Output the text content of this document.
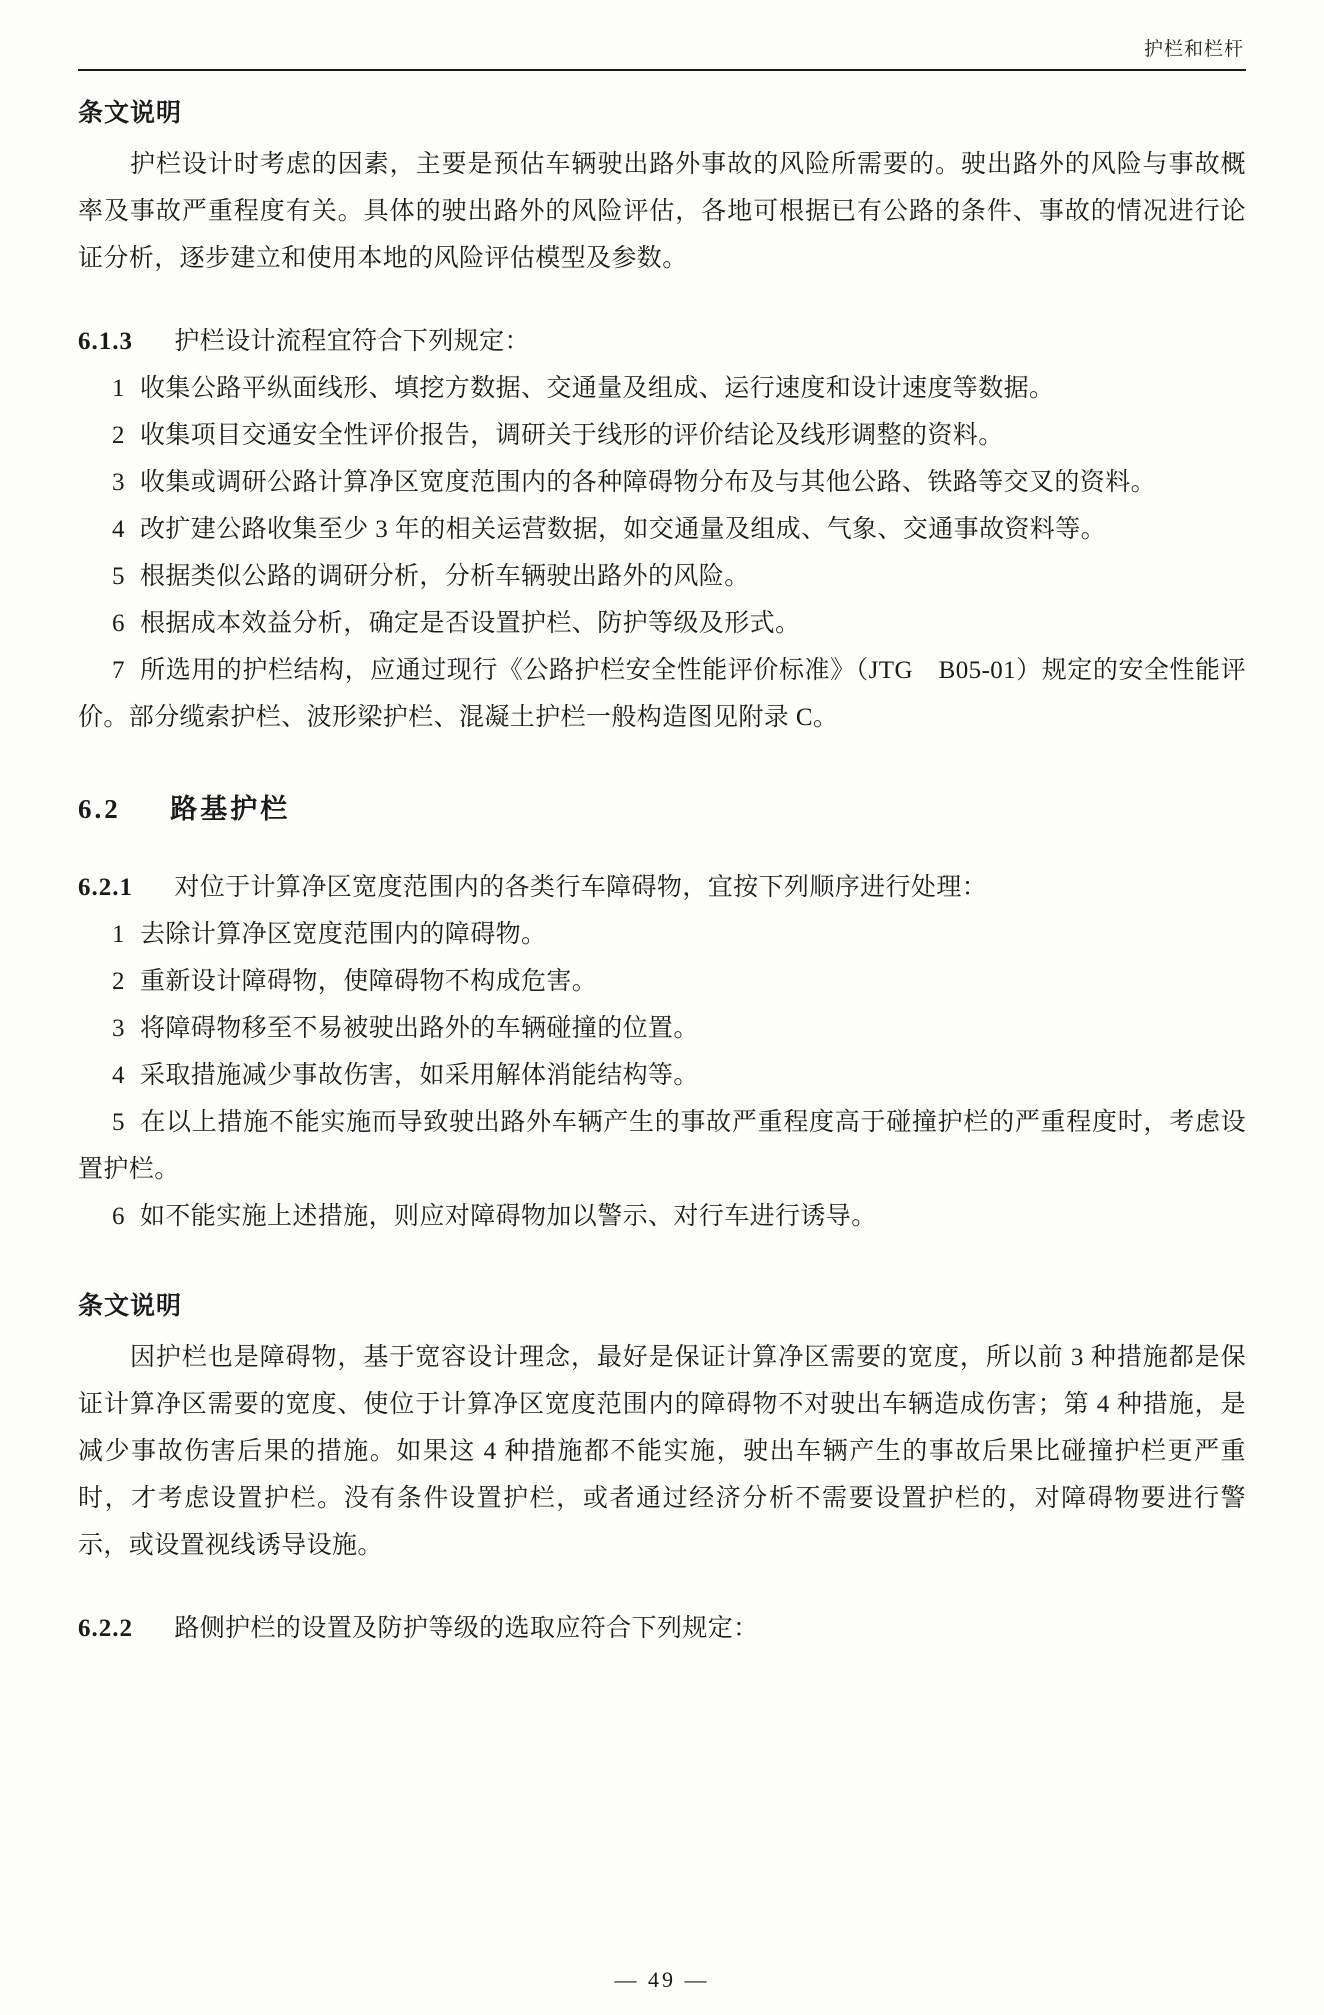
护栏和栏杆
条文说明

护栏设计时考虑的因素，主要是预估车辆驶出路外事故的风险所需要的。驶出路外的风险与事故概率及事故严重程度有关。具体的驶出路外的风险评估，各地可根据已有公路的条件、事故的情况进行论证分析，逐步建立和使用本地的风险评估模型及参数。

6.1.3 护栏设计流程宜符合下列规定：

1 收集公路平纵面线形、填挖方数据、交通量及组成、运行速度和设计速度等数据。

2 收集项目交通安全性评价报告，调研关于线形的评价结论及线形调整的资料。

3 收集或调研公路计算净区宽度范围内的各种障碍物分布及与其他公路、铁路等交叉的资料。

4 改扩建公路收集至少 3 年的相关运营数据，如交通量及组成、气象、交通事故资料等。

5 根据类似公路的调研分析，分析车辆驶出路外的风险。

6 根据成本效益分析，确定是否设置护栏、防护等级及形式。

7 所选用的护栏结构，应通过现行《公路护栏安全性能评价标准》（JTG　B05-01）规定的安全性能评价。部分缆索护栏、波形梁护栏、混凝土护栏一般构造图见附录 C。

6.2 路基护栏

6.2.1 对位于计算净区宽度范围内的各类行车障碍物，宜按下列顺序进行处理：

1 去除计算净区宽度范围内的障碍物。

2 重新设计障碍物，使障碍物不构成危害。

3 将障碍物移至不易被驶出路外的车辆碰撞的位置。

4 采取措施减少事故伤害，如采用解体消能结构等。

5 在以上措施不能实施而导致驶出路外车辆产生的事故严重程度高于碰撞护栏的严重程度时，考虑设置护栏。

6 如不能实施上述措施，则应对障碍物加以警示、对行车进行诱导。

条文说明

因护栏也是障碍物，基于宽容设计理念，最好是保证计算净区需要的宽度，所以前 3 种措施都是保证计算净区需要的宽度、使位于计算净区宽度范围内的障碍物不对驶出车辆造成伤害；第 4 种措施，是减少事故伤害后果的措施。如果这 4 种措施都不能实施，驶出车辆产生的事故后果比碰撞护栏更严重时，才考虑设置护栏。没有条件设置护栏，或者通过经济分析不需要设置护栏的，对障碍物要进行警示，或设置视线诱导设施。

6.2.2 路侧护栏的设置及防护等级的选取应符合下列规定：

— 49 —
